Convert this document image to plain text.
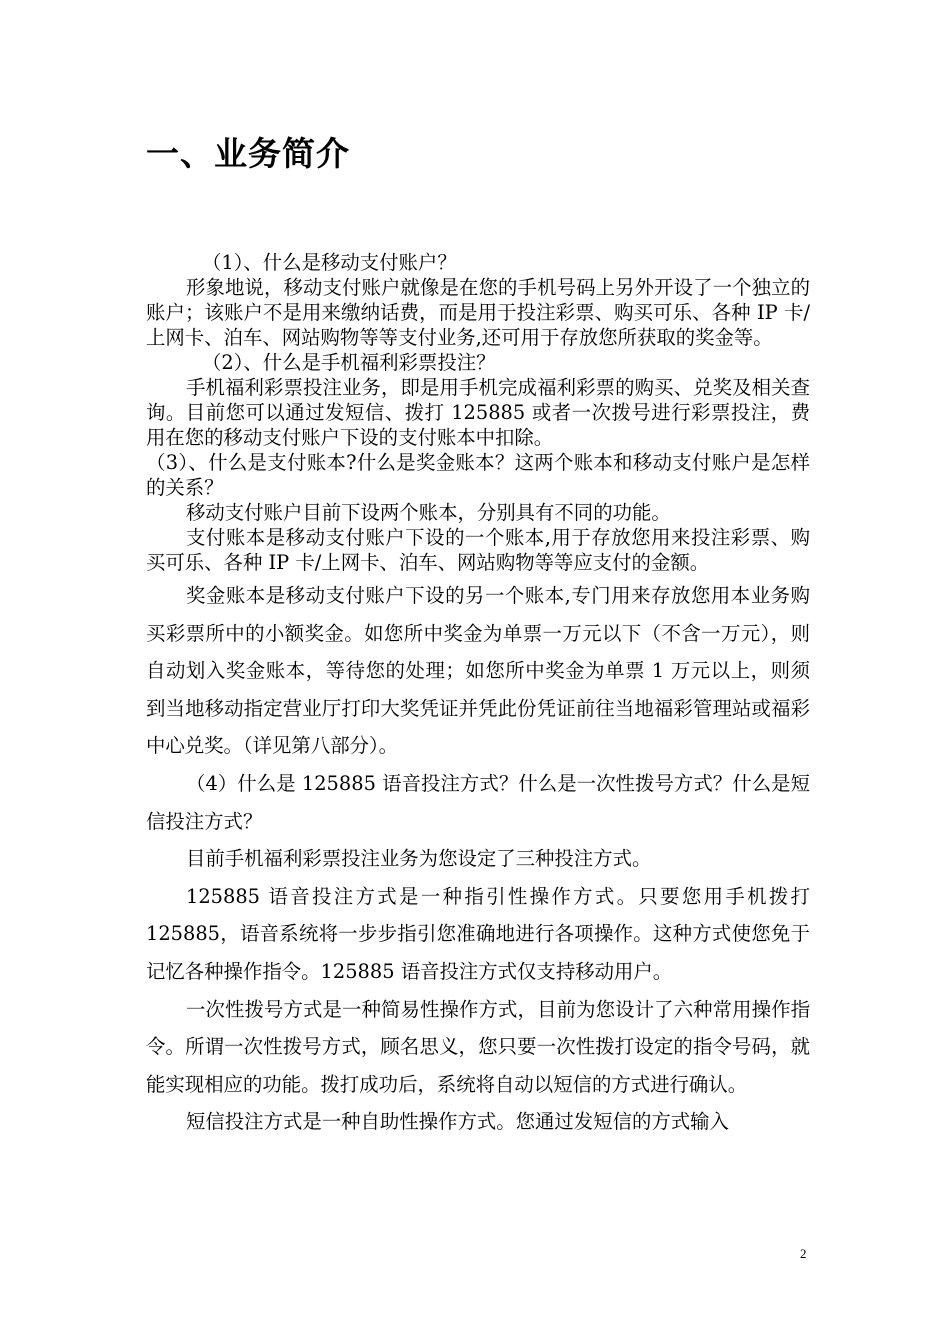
一、业务简介

（1）、什么是移动支付账户？

形象地说，移动支付账户就像是在您的手机号码上另外开设了一个独立的账户；该账户不是用来缴纳话费，而是用于投注彩票、购买可乐、各种 IP 卡/上网卡、泊车、网站购物等等支付业务,还可用于存放您所获取的奖金等。

（2）、什么是手机福利彩票投注？

手机福利彩票投注业务，即是用手机完成福利彩票的购买、兑奖及相关查询。目前您可以通过发短信、拨打 125885 或者一次拨号进行彩票投注，费用在您的移动支付账户下设的支付账本中扣除。

（3）、什么是支付账本?什么是奖金账本？这两个账本和移动支付账户是怎样的关系？

移动支付账户目前下设两个账本，分别具有不同的功能。

支付账本是移动支付账户下设的一个账本,用于存放您用来投注彩票、购买可乐、各种 IP 卡/上网卡、泊车、网站购物等等应支付的金额。

奖金账本是移动支付账户下设的另一个账本,专门用来存放您用本业务购买彩票所中的小额奖金。如您所中奖金为单票一万元以下（不含一万元），则自动划入奖金账本，等待您的处理；如您所中奖金为单票 1 万元以上，则须到当地移动指定营业厅打印大奖凭证并凭此份凭证前往当地福彩管理站或福彩中心兑奖。（详见第八部分）。

（4）什么是 125885 语音投注方式？什么是一次性拨号方式？什么是短信投注方式？

目前手机福利彩票投注业务为您设定了三种投注方式。

125885 语音投注方式是一种指引性操作方式。只要您用手机拨打 125885，语音系统将一步步指引您准确地进行各项操作。这种方式使您免于记忆各种操作指令。125885 语音投注方式仅支持移动用户。

一次性拨号方式是一种简易性操作方式，目前为您设计了六种常用操作指令。所谓一次性拨号方式，顾名思义，您只要一次性拨打设定的指令号码，就能实现相应的功能。拨打成功后，系统将自动以短信的方式进行确认。

短信投注方式是一种自助性操作方式。您通过发短信的方式输入

2
